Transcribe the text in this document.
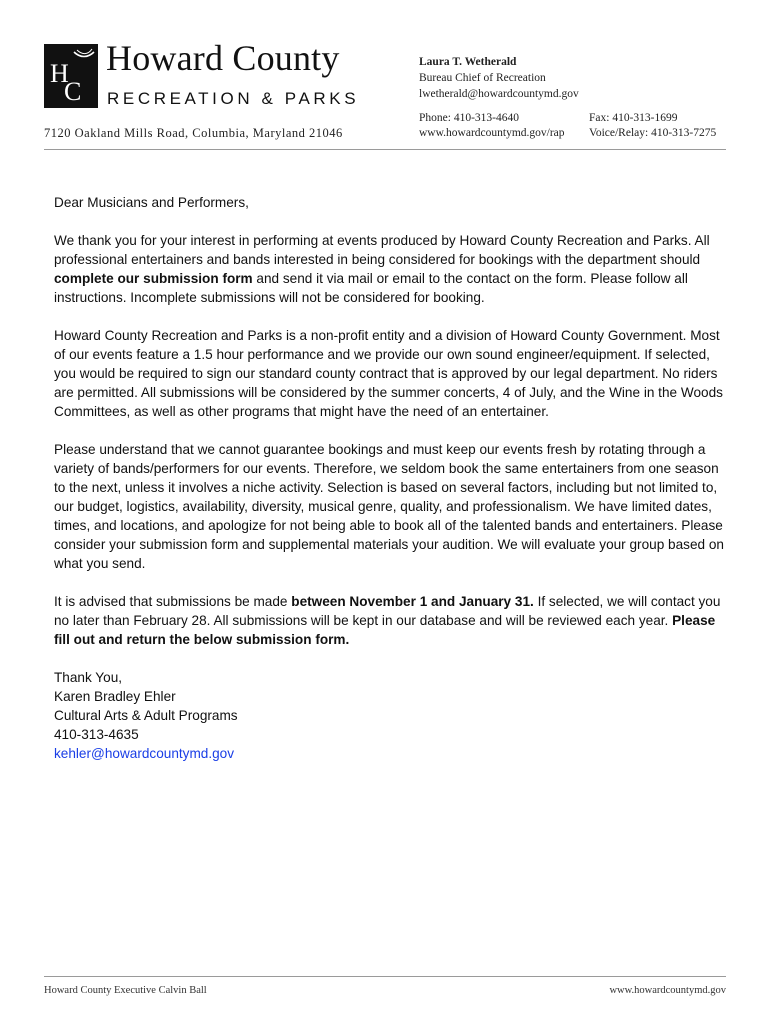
H
C
Howard County
RECREATION & PARKS
7120 Oakland Mills Road, Columbia, Maryland 21046
Laura T. Wetherald
Bureau Chief of Recreation
lwetherald@howardcountymd.gov
Phone: 410-313-4640	Fax: 410-313-1699
www.howardcountymd.gov/rap Voice/Relay: 410-313-7275

Dear Musicians and Performers,

We thank you for your interest in performing at events produced by Howard County Recreation and Parks. All professional entertainers and bands interested in being considered for bookings with the department should complete our submission form and send it via mail or email to the contact on the form. Please follow all instructions. Incomplete submissions will not be considered for booking.

Howard County Recreation and Parks is a non-profit entity and a division of Howard County Government. Most of our events feature a 1.5 hour performance and we provide our own sound engineer/equipment. If selected, you would be required to sign our standard county contract that is approved by our legal department. No riders are permitted. All submissions will be considered by the summer concerts, 4 of July, and the Wine in the Woods Committees, as well as other programs that might have the need of an entertainer.

Please understand that we cannot guarantee bookings and must keep our events fresh by rotating through a variety of bands/performers for our events. Therefore, we seldom book the same entertainers from one season to the next, unless it involves a niche activity. Selection is based on several factors, including but not limited to, our budget, logistics, availability, diversity, musical genre, quality, and professionalism. We have limited dates, times, and locations, and apologize for not being able to book all of the talented bands and entertainers. Please consider your submission form and supplemental materials your audition. We will evaluate your group based on what you send.

It is advised that submissions be made between November 1 and January 31. If selected, we will contact you no later than February 28. All submissions will be kept in our database and will be reviewed each year. Please fill out and return the below submission form.

Thank You,
Karen Bradley Ehler
Cultural Arts & Adult Programs
410-313-4635
kehler@howardcountymd.gov

Howard County Executive Calvin Ball	www.howardcountymd.gov
